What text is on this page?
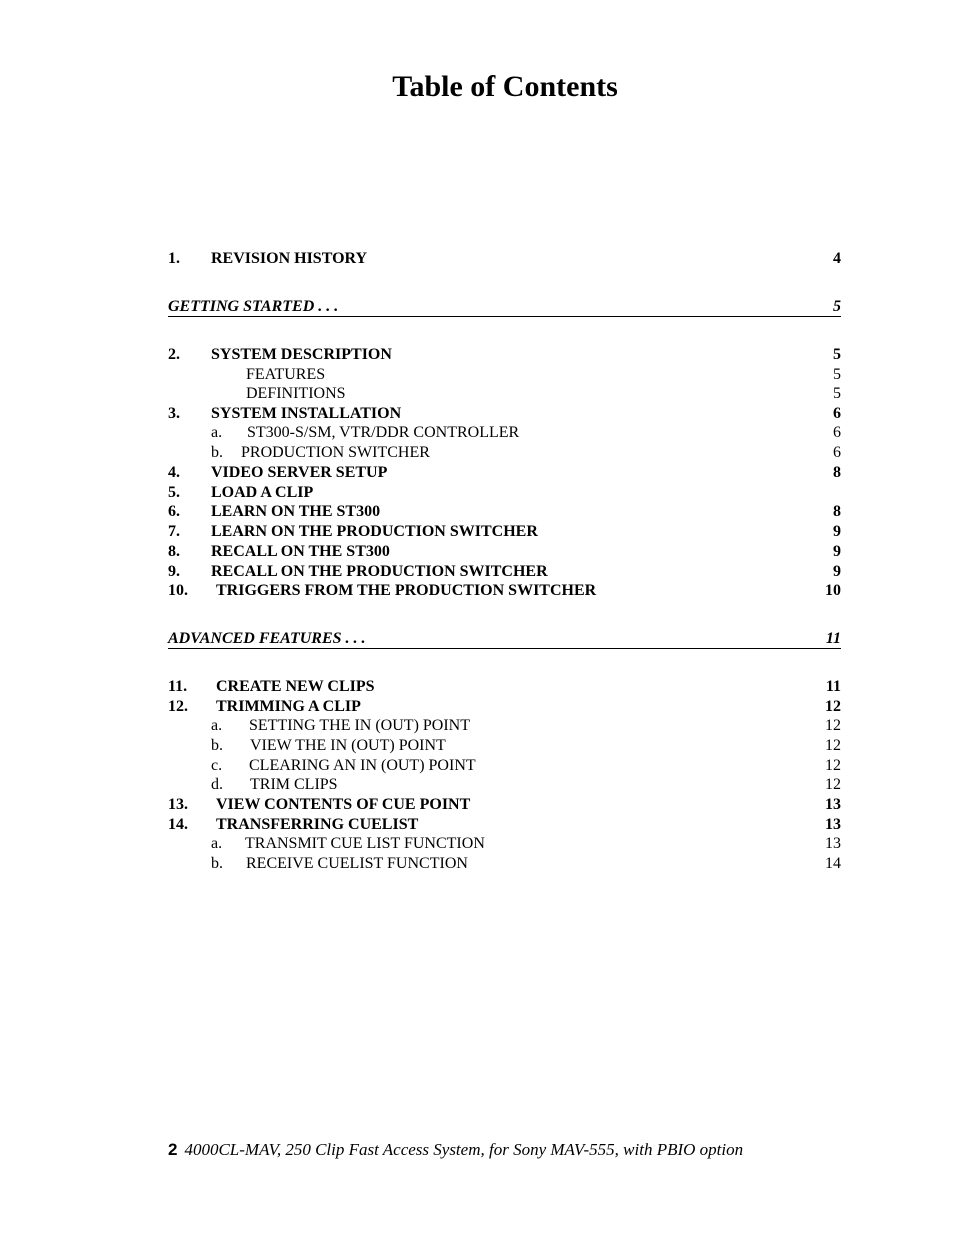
Table of Contents
1. REVISION HISTORY	4
GETTING STARTED . . .	5
2. SYSTEM DESCRIPTION	5
FEATURES	5
DEFINITIONS	5
3. SYSTEM INSTALLATION	6
a. ST300-S/SM, VTR/DDR CONTROLLER	6
b. PRODUCTION SWITCHER	6
4. VIDEO SERVER SETUP	8
5. LOAD A CLIP
6. LEARN ON THE ST300	8
7. LEARN ON THE PRODUCTION SWITCHER	9
8. RECALL ON THE ST300	9
9. RECALL ON THE PRODUCTION SWITCHER	9
10. TRIGGERS FROM THE PRODUCTION SWITCHER	10
ADVANCED FEATURES . . .	11
11. CREATE NEW CLIPS	11
12. TRIMMING A CLIP	12
a. SETTING THE IN (OUT) POINT	12
b. VIEW THE IN (OUT) POINT	12
c. CLEARING AN IN (OUT) POINT	12
d. TRIM CLIPS	12
13. VIEW CONTENTS OF CUE POINT	13
14. TRANSFERRING CUELIST	13
a. TRANSMIT CUE LIST FUNCTION	13
b. RECEIVE CUELIST FUNCTION	14
2 4000CL-MAV, 250 Clip Fast Access System, for Sony MAV-555, with PBIO option
